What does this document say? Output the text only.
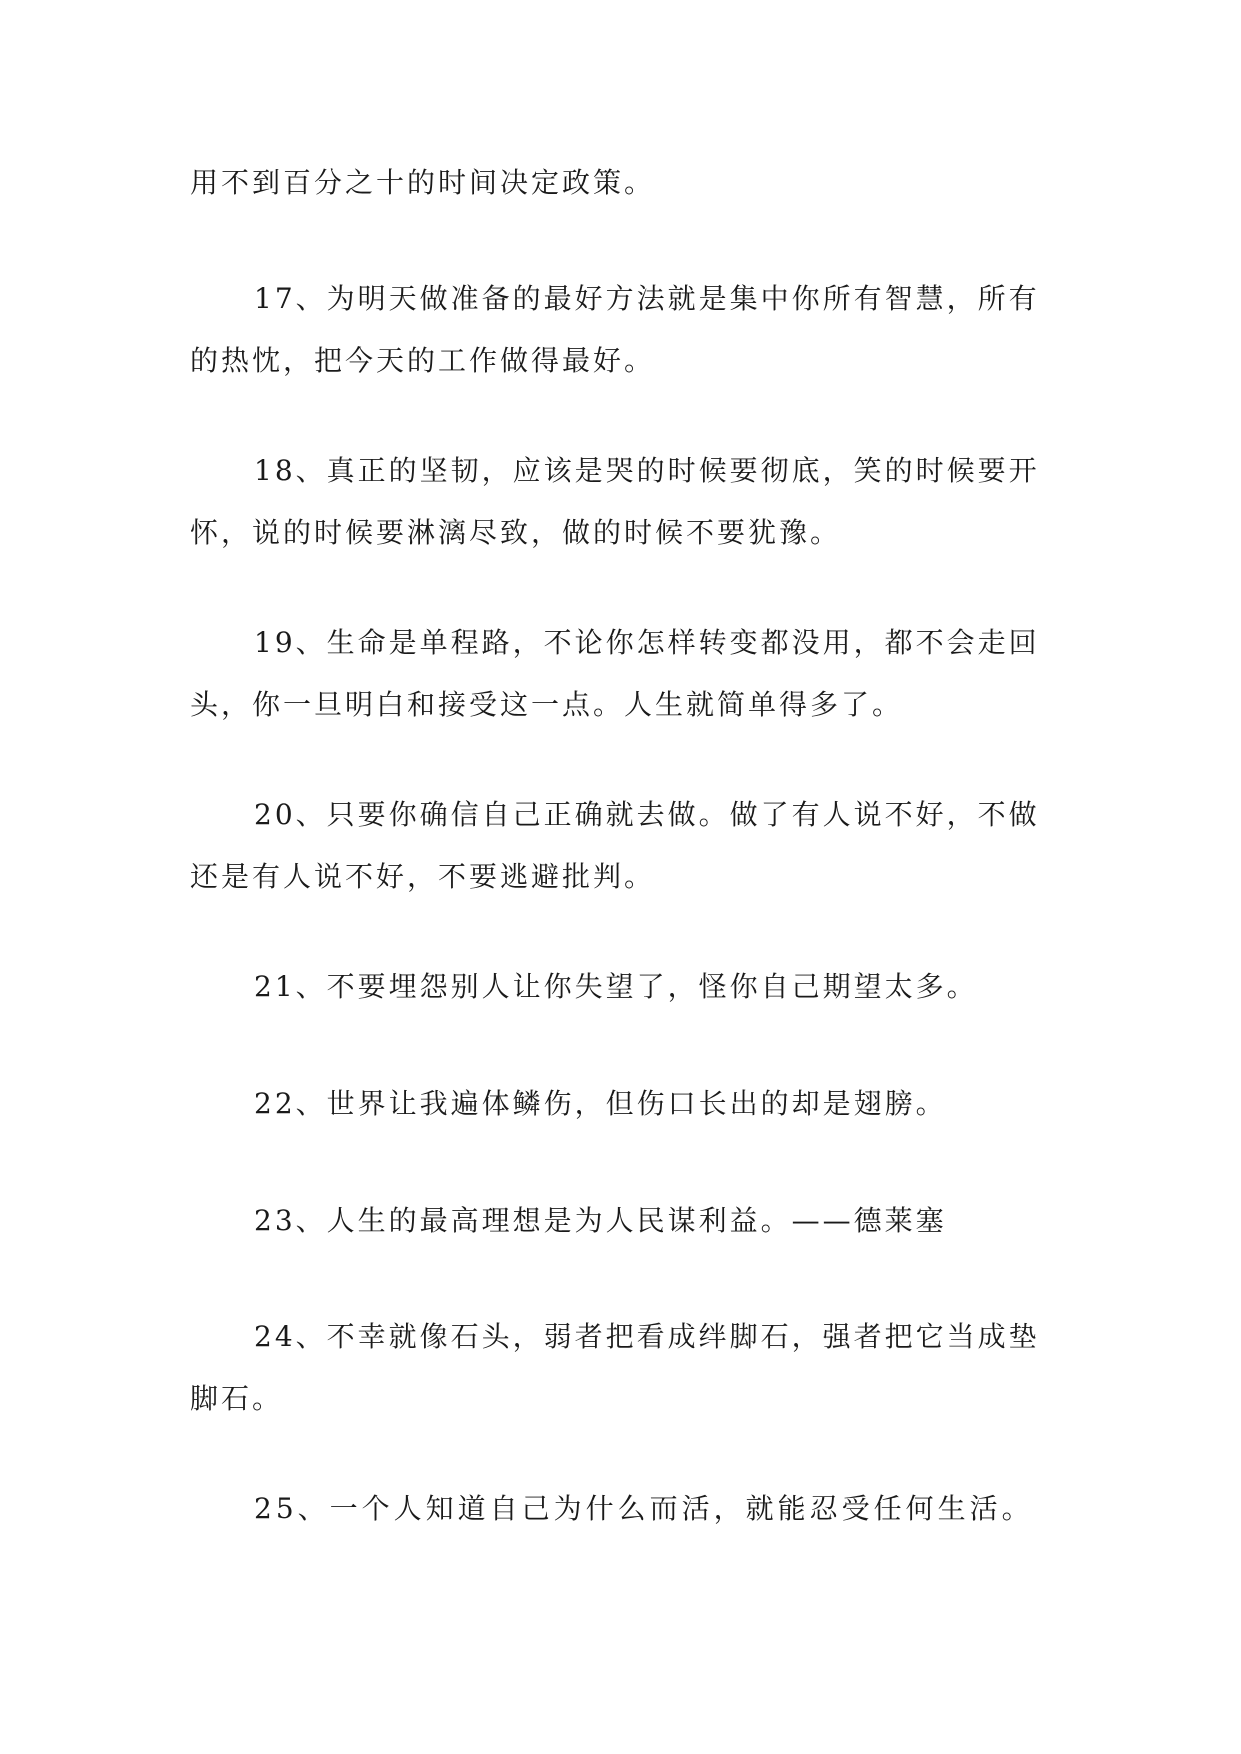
用不到百分之十的时间决定政策。
17、为明天做准备的最好方法就是集中你所有智慧，所有的热忱，把今天的工作做得最好。
18、真正的坚韧，应该是哭的时候要彻底，笑的时候要开怀，说的时候要淋漓尽致，做的时候不要犹豫。
19、生命是单程路，不论你怎样转变都没用，都不会走回头，你一旦明白和接受这一点。人生就简单得多了。
20、只要你确信自己正确就去做。做了有人说不好，不做还是有人说不好，不要逃避批判。
21、不要埋怨别人让你失望了，怪你自己期望太多。
22、世界让我遍体鳞伤，但伤口长出的却是翅膀。
23、人生的最高理想是为人民谋利益。——德莱塞
24、不幸就像石头，弱者把看成绊脚石，强者把它当成垫脚石。
25、一个人知道自己为什么而活，就能忍受任何生活。
